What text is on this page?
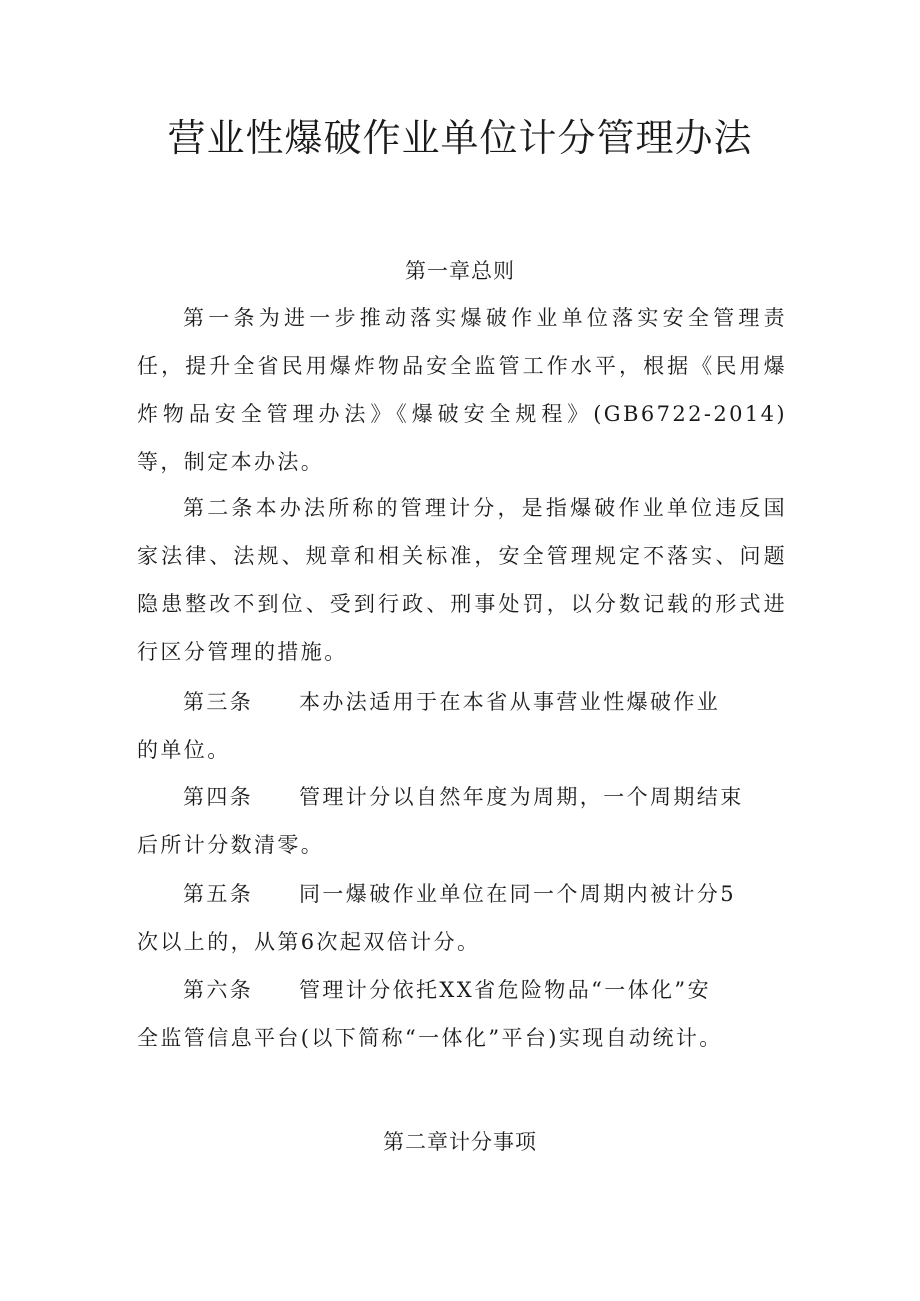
营业性爆破作业单位计分管理办法
第一章总则

第一条为进一步推动落实爆破作业单位落实安全管理责任，提升全省民用爆炸物品安全监管工作水平，根据《民用爆炸物品安全管理办法》《爆破安全规程》(GB6722-2014)等，制定本办法。

第二条本办法所称的管理计分，是指爆破作业单位违反国家法律、法规、规章和相关标准，安全管理规定不落实、问题隐患整改不到位、受到行政、刑事处罚，以分数记载的形式进行区分管理的措施。

第三条 本办法适用于在本省从事营业性爆破作业
的单位。
第四条 管理计分以自然年度为周期，一个周期结束
后所计分数清零。
第五条 同一爆破作业单位在同一个周期内被计分5
次以上的，从第6次起双倍计分。
第六条 管理计分依托XX省危险物品“一体化”安
全监管信息平台(以下简称“一体化”平台)实现自动统计。
第二章计分事项
